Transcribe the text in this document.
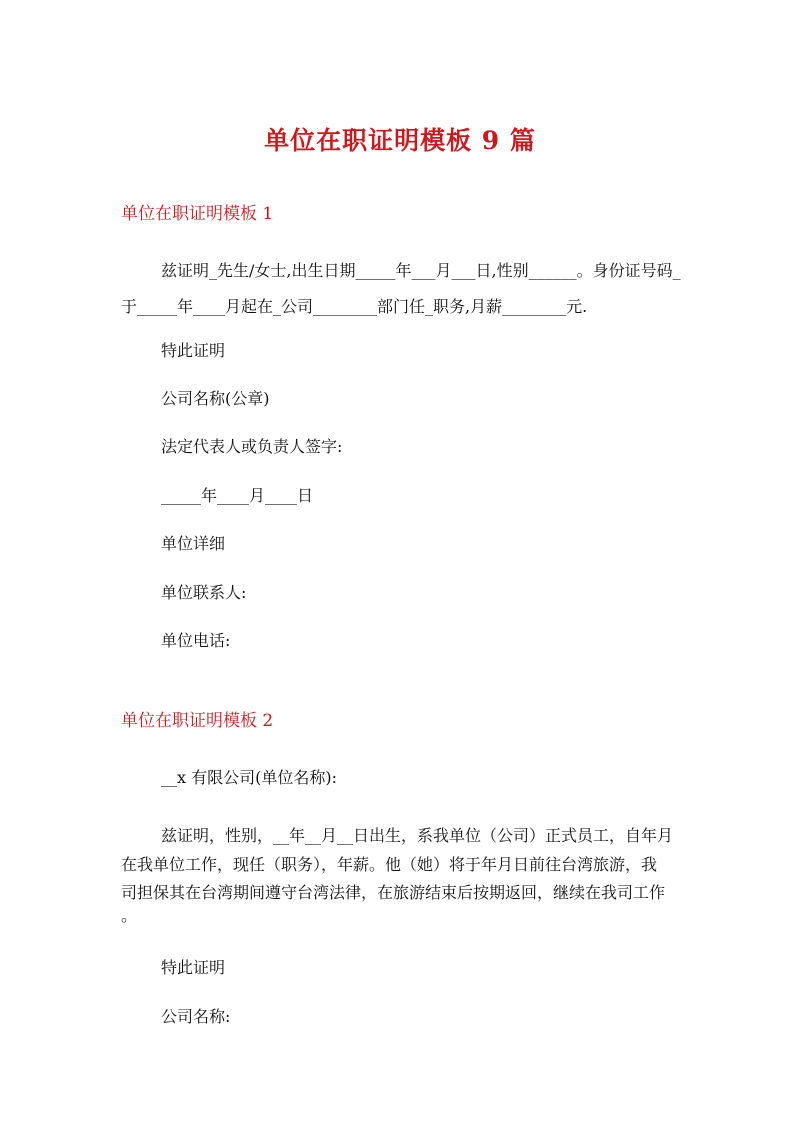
单位在职证明模板 9 篇
单位在职证明模板 1
兹证明_先生/女士,出生日期_____年___月___日,性别______。身份证号码_
于_____年____月起在_公司________部门任_职务,月薪________元.
特此证明
公司名称(公章)
法定代表人或负责人签字:
_____年____月____日
单位详细
单位联系人:
单位电话:
单位在职证明模板 2
__x 有限公司(单位名称):
兹证明，性别，__年__月__日出生，系我单位（公司）正式员工，自年月
在我单位工作，现任（职务），年薪。他（她）将于年月日前往台湾旅游，我
司担保其在台湾期间遵守台湾法律，在旅游结束后按期返回，继续在我司工作
。
特此证明
公司名称:
